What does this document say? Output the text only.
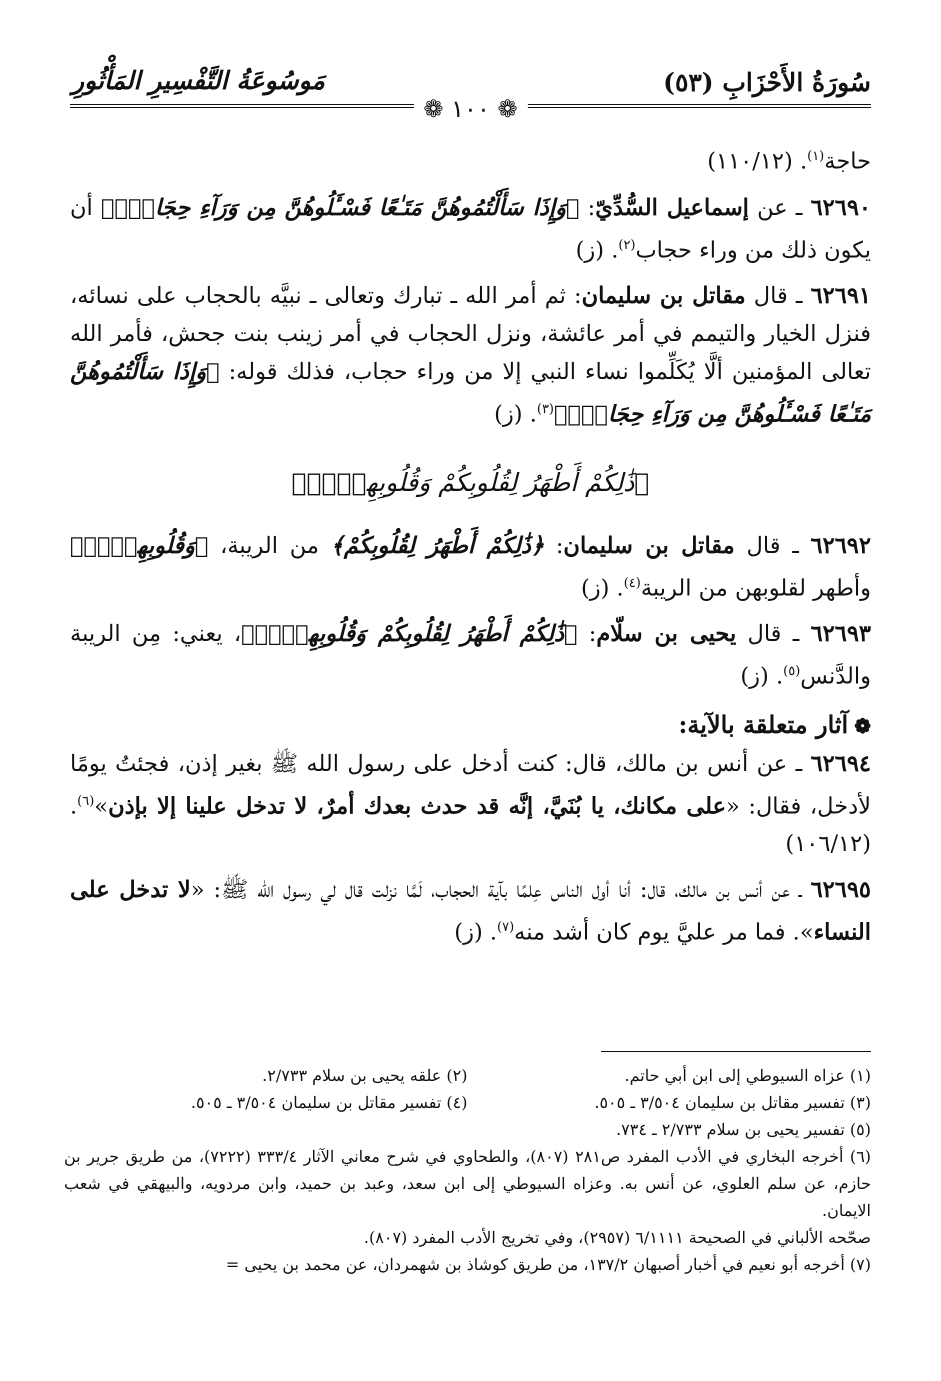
سُورَةُ الأَحْزَابِ (٥٣)
مَوسُوعَةُ التَّفْسِيرِ المَأْثُورِ
❁ ١٠٠ ❁

حاجة$^{(١)}$. (١١٠/١٢)

٦٢٦٩٠ ـ عن إسماعيل السُّدِّيّ: ﴿وَإِذَا سَأَلْتُمُوهُنَّ مَتَـٰعًا فَسْـَٔلُوهُنَّ مِن وَرَآءِ حِجَابٍۚ﴾ أن يكون ذلك من وراء حجاب$^{(٢)}$. (ز)

٦٢٦٩١ ـ قال مقاتل بن سليمان: ثم أمر الله ـ تبارك وتعالى ـ نبيَّه بالحجاب على نسائه، فنزل الخيار والتيمم في أمر عائشة، ونزل الحجاب في أمر زينب بنت جحش، فأمر الله تعالى المؤمنين ألَّا يُكَلِّموا نساء النبي إلا من وراء حجاب، فذلك قوله: ﴿وَإِذَا سَأَلْتُمُوهُنَّ مَتَـٰعًا فَسْـَٔلُوهُنَّ مِن وَرَآءِ حِجَابٍۚ﴾$^{(٣)}$. (ز)

﴿ذَٰلِكُمْ أَطْهَرُ لِقُلُوبِكُمْ وَقُلُوبِهِنَّۚ﴾

٦٢٦٩٢ ـ قال مقاتل بن سليمان: ﴿ذَٰلِكُمْ أَطْهَرُ لِقُلُوبِكُمْ﴾ من الريبة، ﴿وَقُلُوبِهِنَّۚ﴾ وأطهر لقلوبهن من الريبة$^{(٤)}$. (ز)

٦٢٦٩٣ ـ قال يحيى بن سلّام: ﴿ذَٰلِكُمْ أَطْهَرُ لِقُلُوبِكُمْ وَقُلُوبِهِنَّۚ﴾، يعني: مِن الريبة والدَّنس$^{(٥)}$. (ز)

❁آثار متعلقة بالآية:

٦٢٦٩٤ ـ عن أنس بن مالك، قال: كنت أدخل على رسول الله ﷺ بغير إذن، فجئتُ يومًا لأدخل، فقال: «على مكانك، يا بُنَيَّ، إنَّه قد حدث بعدك أمرٌ، لا تدخل علينا إلا بإذن»$^{(٦)}$. (١٠٦/١٢)

٦٢٦٩٥ ـ عن أنس بن مالك، قال: أنا أول الناس عِلمًا بآية الحجاب، لَمَّا نزلت قال لي رسول الله ﷺ: «لا تدخل على النساء». فما مر عليَّ يوم كان أشد منه$^{(٧)}$. (ز)

(١) عزاه السيوطي إلى ابن أبي حاتم.
(٢) علقه يحيى بن سلام ٢/٧٣٣.
(٣) تفسير مقاتل بن سليمان ٣/٥٠٤ ـ ٥٠٥.
(٤) تفسير مقاتل بن سليمان ٣/٥٠٤ ـ ٥٠٥.
(٥) تفسير يحيى بن سلام ٢/٧٣٣ ـ ٧٣٤.
(٦) أخرجه البخاري في الأدب المفرد ص٢٨١ (٨٠٧)، والطحاوي في شرح معاني الآثار ٣٣٣/٤ (٧٢٢٢)، من طريق جرير بن حازم، عن سلم العلوي، عن أنس به. وعزاه السيوطي إلى ابن سعد، وعبد بن حميد، وابن مردويه، والبيهقي في شعب الايمان.
صحّحه الألباني في الصحيحة ٦/١١١١ (٢٩٥٧)، وفي تخريج الأدب المفرد (٨٠٧).
(٧) أخرجه أبو نعيم في أخبار أصبهان ١٣٧/٢، من طريق كوشاذ بن شهمردان، عن محمد بن يحيى =
